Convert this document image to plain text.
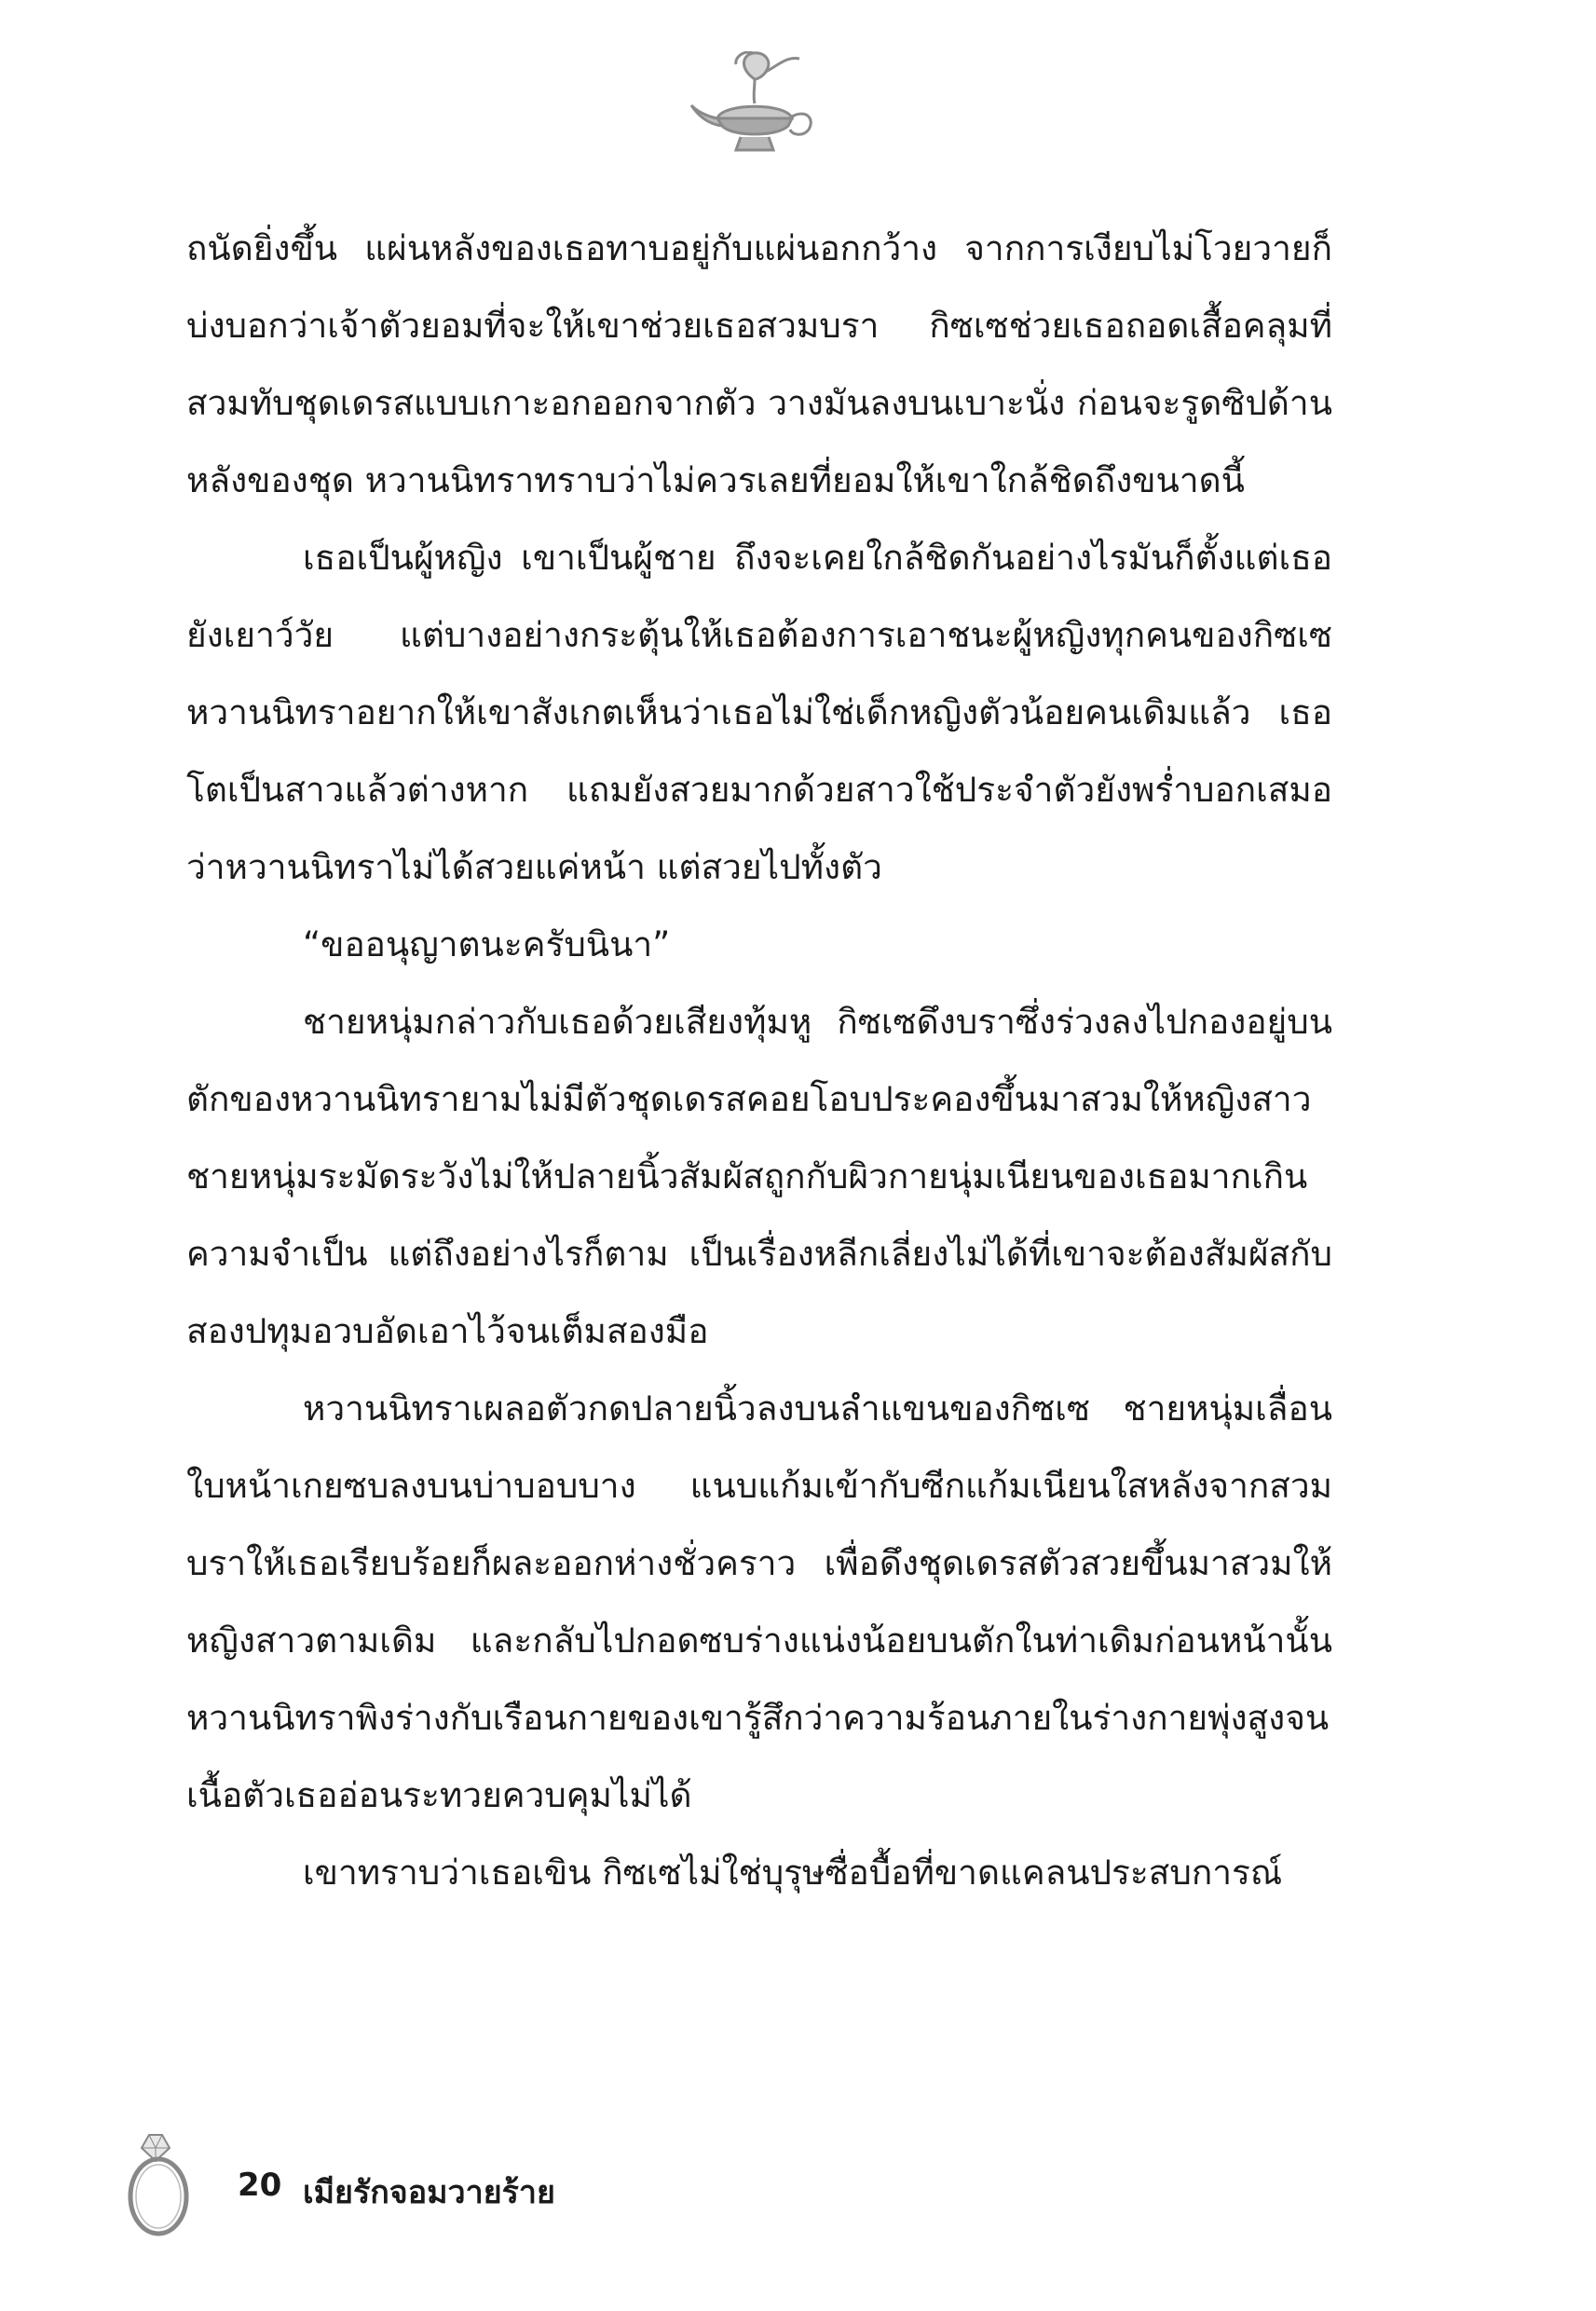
ถนัดยิ่งขึ้น แผ่นหลังของเธอทาบอยู่กับแผ่นอกกว้าง จากการเงียบไม่โวยวายก็บ่งบอกว่าเจ้าตัวยอมที่จะให้เขาช่วยเธอสวมบรา กิซเซช่วยเธอถอดเสื้อคลุมที่สวมทับชุดเดรสแบบเกาะอกออกจากตัว วางมันลงบนเบาะนั่ง ก่อนจะรูดซิปด้านหลังของชุด หวานนิทราทราบว่าไม่ควรเลยที่ยอมให้เขาใกล้ชิดถึงขนาดนี้

เธอเป็นผู้หญิง เขาเป็นผู้ชาย ถึงจะเคยใกล้ชิดกันอย่างไรมันก็ตั้งแต่เธอยังเยาว์วัย แต่บางอย่างกระตุ้นให้เธอต้องการเอาชนะผู้หญิงทุกคนของกิซเซ หวานนิทราอยากให้เขาสังเกตเห็นว่าเธอไม่ใช่เด็กหญิงตัวน้อยคนเดิมแล้ว เธอโตเป็นสาวแล้วต่างหาก แถมยังสวยมากด้วยสาวใช้ประจำตัวยังพร่ำบอกเสมอว่าหวานนิทราไม่ได้สวยแค่หน้า แต่สวยไปทั้งตัว

“ขออนุญาตนะครับนินา”

ชายหนุ่มกล่าวกับเธอด้วยเสียงทุ้มหู กิซเซดึงบราซึ่งร่วงลงไปกองอยู่บนตักของหวานนิทรายามไม่มีตัวชุดเดรสคอยโอบประคองขึ้นมาสวมให้หญิงสาว ชายหนุ่มระมัดระวังไม่ให้ปลายนิ้วสัมผัสถูกกับผิวกายนุ่มเนียนของเธอมากเกินความจำเป็น แต่ถึงอย่างไรก็ตาม เป็นเรื่องหลีกเลี่ยงไม่ได้ที่เขาจะต้องสัมผัสกับสองปทุมอวบอัดเอาไว้จนเต็มสองมือ

หวานนิทราเผลอตัวกดปลายนิ้วลงบนลำแขนของกิซเซ ชายหนุ่มเลื่อนใบหน้าเกยซบลงบนบ่าบอบบาง แนบแก้มเข้ากับซีกแก้มเนียนใสหลังจากสวมบราให้เธอเรียบร้อยก็ผละออกห่างชั่วคราว เพื่อดึงชุดเดรสตัวสวยขึ้นมาสวมให้หญิงสาวตามเดิม และกลับไปกอดซบร่างแน่งน้อยบนตักในท่าเดิมก่อนหน้านั้น หวานนิทราพิงร่างกับเรือนกายของเขารู้สึกว่าความร้อนภายในร่างกายพุ่งสูงจนเนื้อตัวเธออ่อนระทวยควบคุมไม่ได้

เขาทราบว่าเธอเขิน กิซเซไม่ใช่บุรุษซื่อบื้อที่ขาดแคลนประสบการณ์

20 เมียรักจอมวายร้าย
